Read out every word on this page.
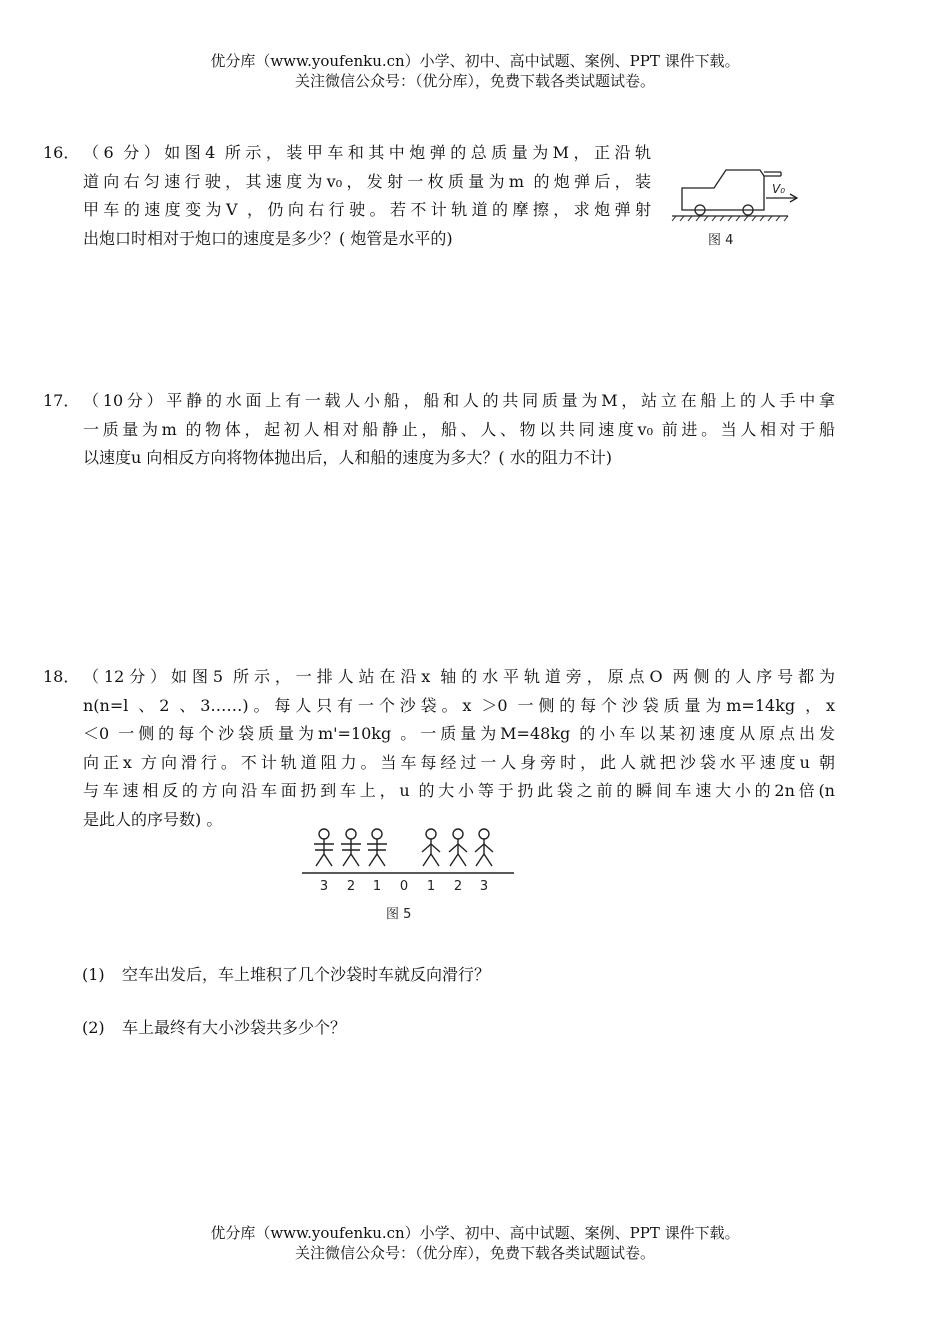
优分库（www.youfenku.cn）小学、初中、高中试题、案例、PPT 课件下载。
关注微信公众号：（优分库），免费下载各类试题试卷。
16． （6 分）如图4 所示，装甲车和其中炮弹的总质量为M，正沿轨
道向右匀速行驶，其速度为v₀，发射一枚质量为m 的炮弹后，装
甲车的速度变为V ，仍向右行驶。若不计轨道的摩擦，求炮弹射
出炮口时相对于炮口的速度是多少？( 炮管是水平的)
V₀
图 4
17． （10分）平静的水面上有一载人小船，船和人的共同质量为M，站立在船上的人手中拿
一质量为m 的物体，起初人相对船静止，船、人、物以共同速度v₀ 前进。当人相对于船
以速度u 向相反方向将物体抛出后，人和船的速度为多大？( 水的阻力不计)
18． （12分）如图5 所示，一排人站在沿x 轴的水平轨道旁，原点O 两侧的人序号都为
n(n=l 、2 、3……)。每人只有一个沙袋。x ＞0 一侧的每个沙袋质量为m=14kg ，x
＜0 一侧的每个沙袋质量为m'=10kg 。一质量为M=48kg 的小车以某初速度从原点出发
向正x 方向滑行。不计轨道阻力。当车每经过一人身旁时，此人就把沙袋水平速度u 朝
与车速相反的方向沿车面扔到车上，u 的大小等于扔此袋之前的瞬间车速大小的2n倍(n
是此人的序号数) 。
3 2 1 0 1 2 3
图 5
(1) 空车出发后，车上堆积了几个沙袋时车就反向滑行？
(2) 车上最终有大小沙袋共多少个？
优分库（www.youfenku.cn）小学、初中、高中试题、案例、PPT 课件下载。
关注微信公众号：（优分库），免费下载各类试题试卷。
